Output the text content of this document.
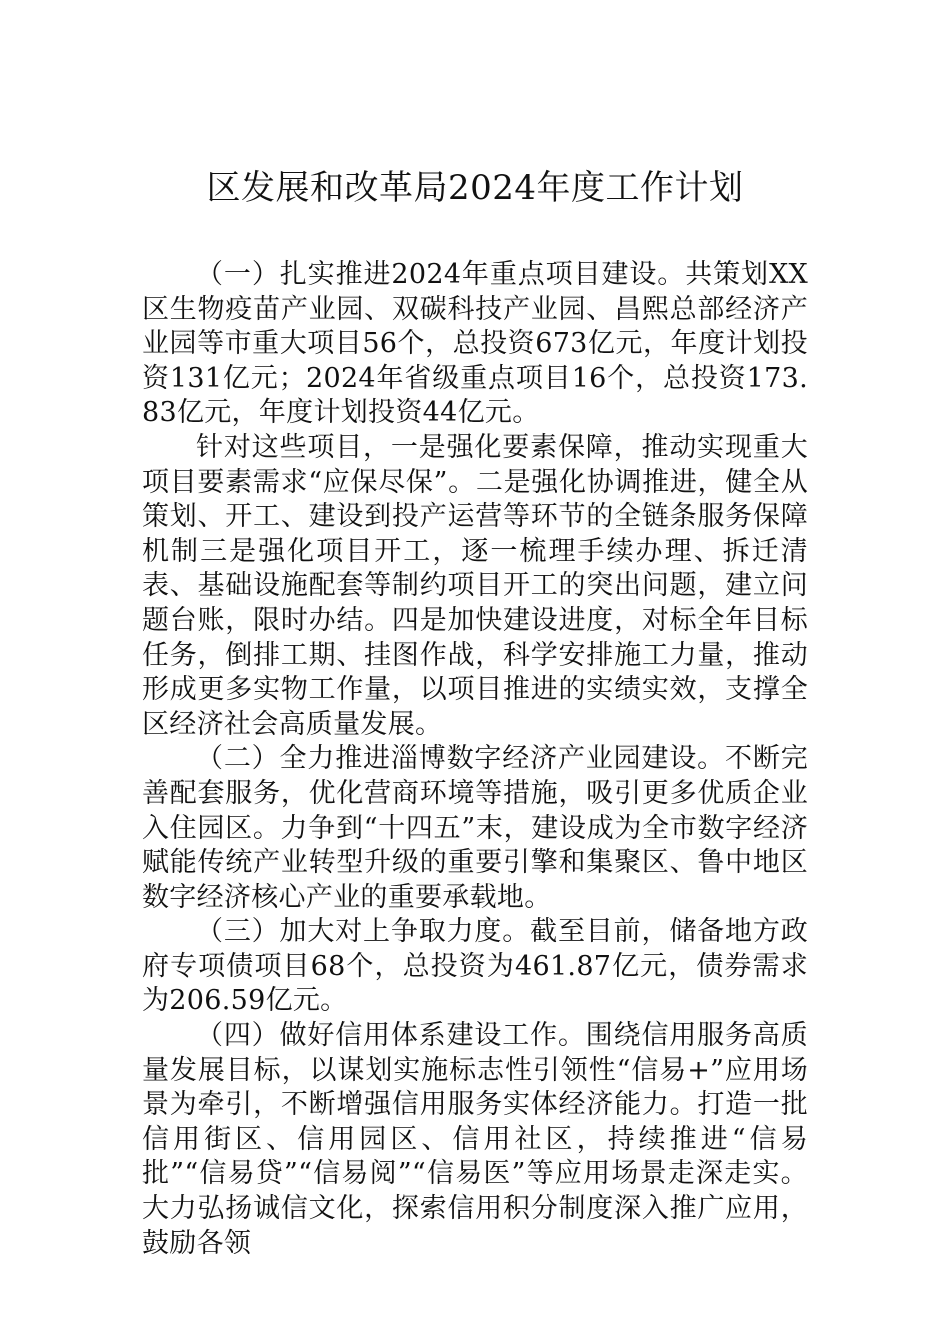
区发展和改革局2024年度工作计划

（一）扎实推进2024年重点项目建设。共策划XX区生物疫苗产业园、双碳科技产业园、昌熙总部经济产业园等市重大项目56个，总投资673亿元，年度计划投资131亿元；2024年省级重点项目16个，总投资173.83亿元，年度计划投资44亿元。

针对这些项目，一是强化要素保障，推动实现重大项目要素需求“应保尽保”。二是强化协调推进，健全从策划、开工、建设到投产运营等环节的全链条服务保障机制三是强化项目开工，逐一梳理手续办理、拆迁清表、基础设施配套等制约项目开工的突出问题，建立问题台账，限时办结。四是加快建设进度，对标全年目标任务，倒排工期、挂图作战，科学安排施工力量，推动形成更多实物工作量，以项目推进的实绩实效，支撑全区经济社会高质量发展。

（二）全力推进淄博数字经济产业园建设。不断完善配套服务，优化营商环境等措施，吸引更多优质企业入住园区。力争到“十四五”末，建设成为全市数字经济赋能传统产业转型升级的重要引擎和集聚区、鲁中地区数字经济核心产业的重要承载地。

（三）加大对上争取力度。截至目前，储备地方政府专项债项目68个，总投资为461.87亿元，债券需求为206.59亿元。

（四）做好信用体系建设工作。围绕信用服务高质量发展目标，以谋划实施标志性引领性“信易+”应用场景为牵引，不断增强信用服务实体经济能力。打造一批信用街区、信用园区、信用社区，持续推进“信易批”“信易贷”“信易阅”“信易医”等应用场景走深走实。大力弘扬诚信文化，探索信用积分制度深入推广应用，鼓励各领
